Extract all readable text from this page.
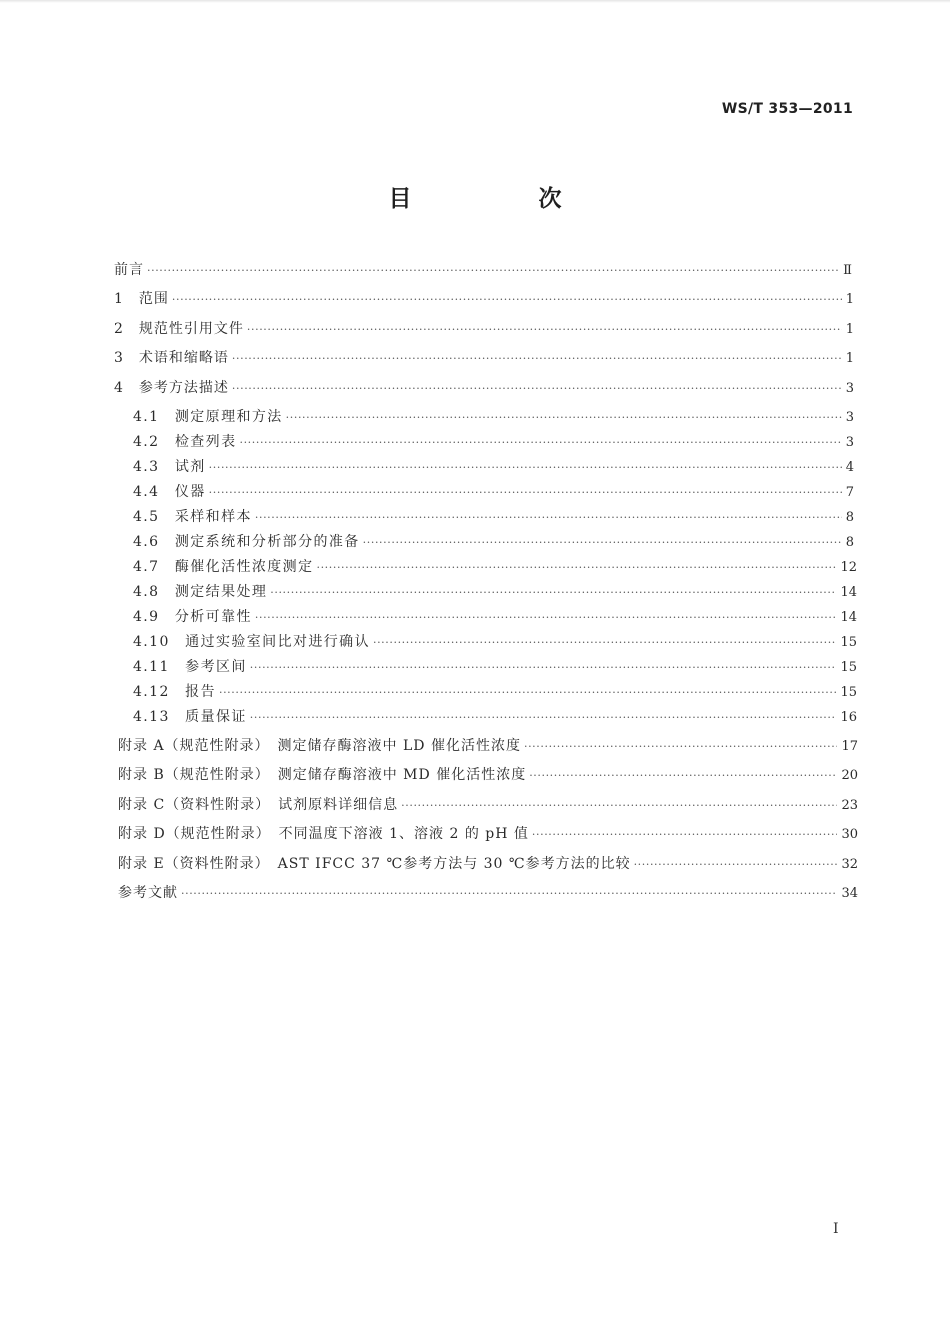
WS/T 353—2011
目　次
前言 ·····	Ⅱ
1　范围 ·····	1
2　规范性引用文件 ·····	1
3　术语和缩略语 ·····	1
4　参考方法描述 ·····	3
4.1　测定原理和方法 ·····	3
4.2　检查列表 ·····	3
4.3　试剂 ·····	4
4.4　仪器 ·····	7
4.5　采样和样本 ·····	8
4.6　测定系统和分析部分的准备 ·····	8
4.7　酶催化活性浓度测定 ·····	12
4.8　测定结果处理 ·····	14
4.9　分析可靠性 ·····	14
4.10　通过实验室间比对进行确认 ·····	15
4.11　参考区间 ·····	15
4.12　报告 ·····	15
4.13　质量保证 ·····	16
附录 A（规范性附录）　测定储存酶溶液中 LD 催化活性浓度 ·····	17
附录 B（规范性附录）　测定储存酶溶液中 MD 催化活性浓度 ·····	20
附录 C（资料性附录）　试剂原料详细信息 ·····	23
附录 D（规范性附录）　不同温度下溶液 1、溶液 2 的 pH 值 ·····	30
附录 E（资料性附录）　AST IFCC 37 ℃参考方法与 30 ℃参考方法的比较 ·····	32
参考文献 ·····	34
I
